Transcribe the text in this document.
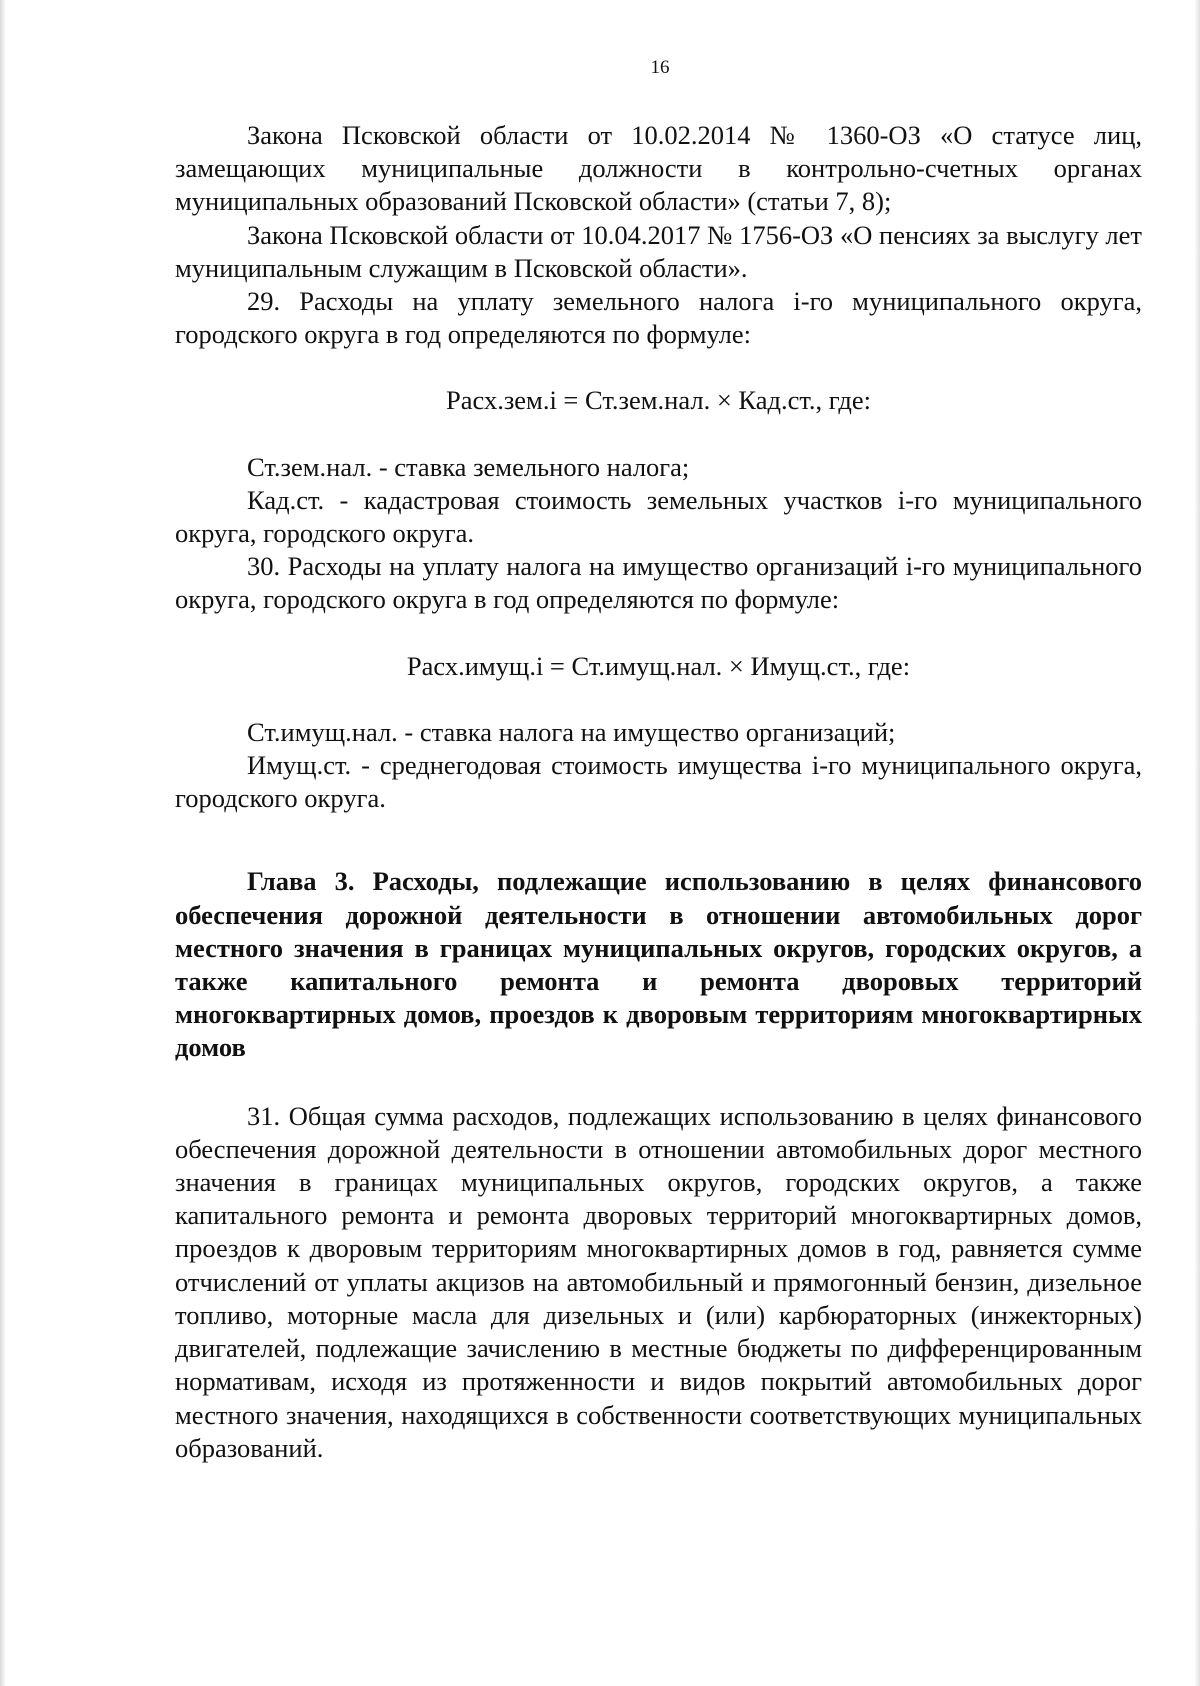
16

Закона Псковской области от 10.02.2014 № 1360-ОЗ «О статусе лиц, замещающих муниципальные должности в контрольно-счетных органах муниципальных образований Псковской области» (статьи 7, 8);

Закона Псковской области от 10.04.2017 № 1756-ОЗ «О пенсиях за выслугу лет муниципальным служащим в Псковской области».

29. Расходы на уплату земельного налога i-го муниципального округа, городского округа в год определяются по формуле:

Расх.зем.i = Ст.зем.нал. × Кад.ст., где:

Ст.зем.нал. - ставка земельного налога;

Кад.ст. - кадастровая стоимость земельных участков i-го муниципального округа, городского округа.

30. Расходы на уплату налога на имущество организаций i-го муниципального округа, городского округа в год определяются по формуле:

Расх.имущ.i = Ст.имущ.нал. × Имущ.ст., где:

Ст.имущ.нал. - ставка налога на имущество организаций;

Имущ.ст. - среднегодовая стоимость имущества i-го муниципального округа, городского округа.

Глава 3. Расходы, подлежащие использованию в целях финансового обеспечения дорожной деятельности в отношении автомобильных дорог местного значения в границах муниципальных округов, городских округов, а также капитального ремонта и ремонта дворовых территорий многоквартирных домов, проездов к дворовым территориям многоквартирных домов

31. Общая сумма расходов, подлежащих использованию в целях финансового обеспечения дорожной деятельности в отношении автомобильных дорог местного значения в границах муниципальных округов, городских округов, а также капитального ремонта и ремонта дворовых территорий многоквартирных домов, проездов к дворовым территориям многоквартирных домов в год, равняется сумме отчислений от уплаты акцизов на автомобильный и прямогонный бензин, дизельное топливо, моторные масла для дизельных и (или) карбюраторных (инжекторных) двигателей, подлежащие зачислению в местные бюджеты по дифференцированным нормативам, исходя из протяженности и видов покрытий автомобильных дорог местного значения, находящихся в собственности соответствующих муниципальных образований.
